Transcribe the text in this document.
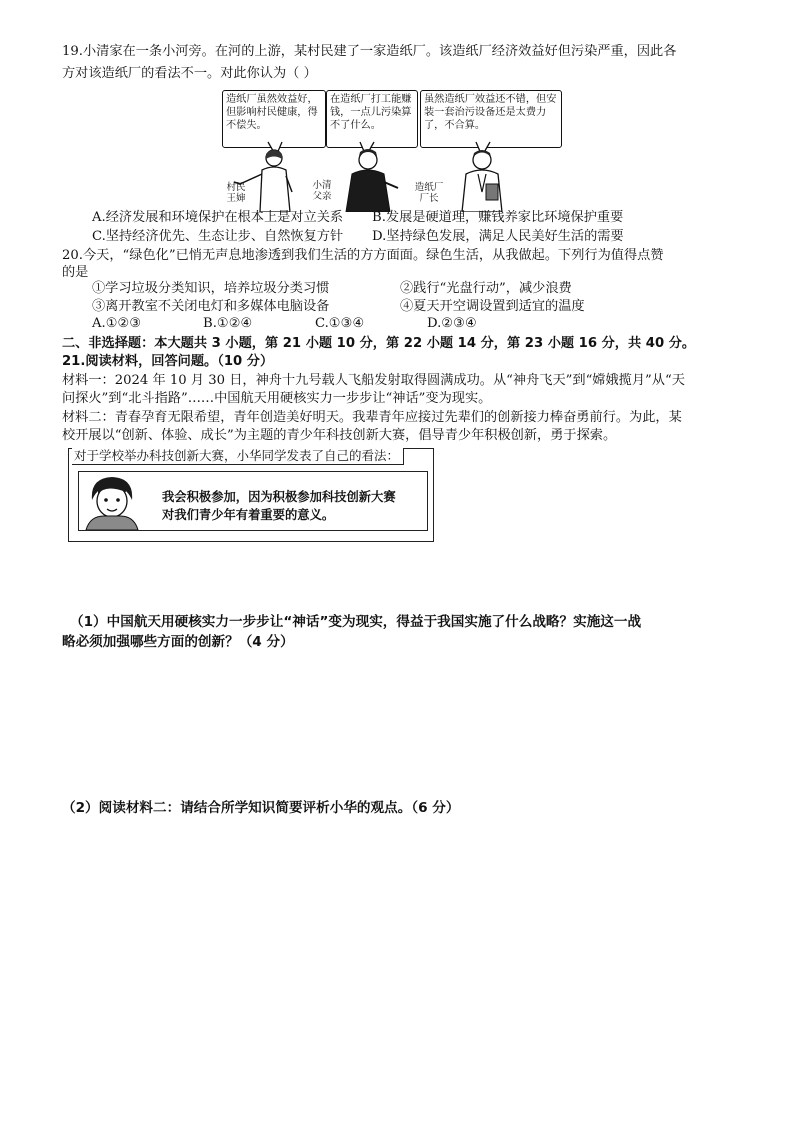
19.小清家在一条小河旁。在河的上游，某村民建了一家造纸厂。该造纸厂经济效益好但污染严重，因此各
方对该造纸厂的看法不一。对此你认为（ ）
造纸厂虽然效益好，但影响村民健康，得不偿失。
在造纸厂打工能赚钱，一点儿污染算不了什么。
虽然造纸厂效益还不错，但安装一套治污设备还是太费力了，不合算。
村民王婶
小清父亲
造纸厂厂长
A.经济发展和环境保护在根本上是对立关系 B.发展是硬道理，赚钱养家比环境保护重要
C.坚持经济优先、生态让步、自然恢复方针 D.坚持绿色发展，满足人民美好生活的需要
20.今天，“绿色化”已悄无声息地渗透到我们生活的方方面面。绿色生活，从我做起。下列行为值得点赞
的是
①学习垃圾分类知识，培养垃圾分类习惯	②践行“光盘行动”，减少浪费
③离开教室不关闭电灯和多媒体电脑设备	④夏天开空调设置到适宜的温度
A.①②③	B.①②④	C.①③④	D.②③④
二、非选择题：本大题共 3 小题，第 21 小题 10 分，第 22 小题 14 分，第 23 小题 16 分，共 40 分。
21.阅读材料，回答问题。（10 分）
材料一：2024 年 10 月 30 日，神舟十九号载人飞船发射取得圆满成功。从“神舟飞天”到“嫦娥揽月”从“天
问探火”到“北斗指路”……中国航天用硬核实力一步步让“神话”变为现实。
材料二：青春孕育无限希望，青年创造美好明天。我辈青年应接过先辈们的创新接力棒奋勇前行。为此，某
校开展以“创新、体验、成长”为主题的青少年科技创新大赛，倡导青少年积极创新，勇于探索。
对于学校举办科技创新大赛，小华同学发表了自己的看法：
我会积极参加，因为积极参加科技创新大赛
对我们青少年有着重要的意义。
（1）中国航天用硬核实力一步步让“神话”变为现实，得益于我国实施了什么战略？实施这一战
略必须加强哪些方面的创新？（4 分）
（2）阅读材料二：请结合所学知识简要评析小华的观点。（6 分）
